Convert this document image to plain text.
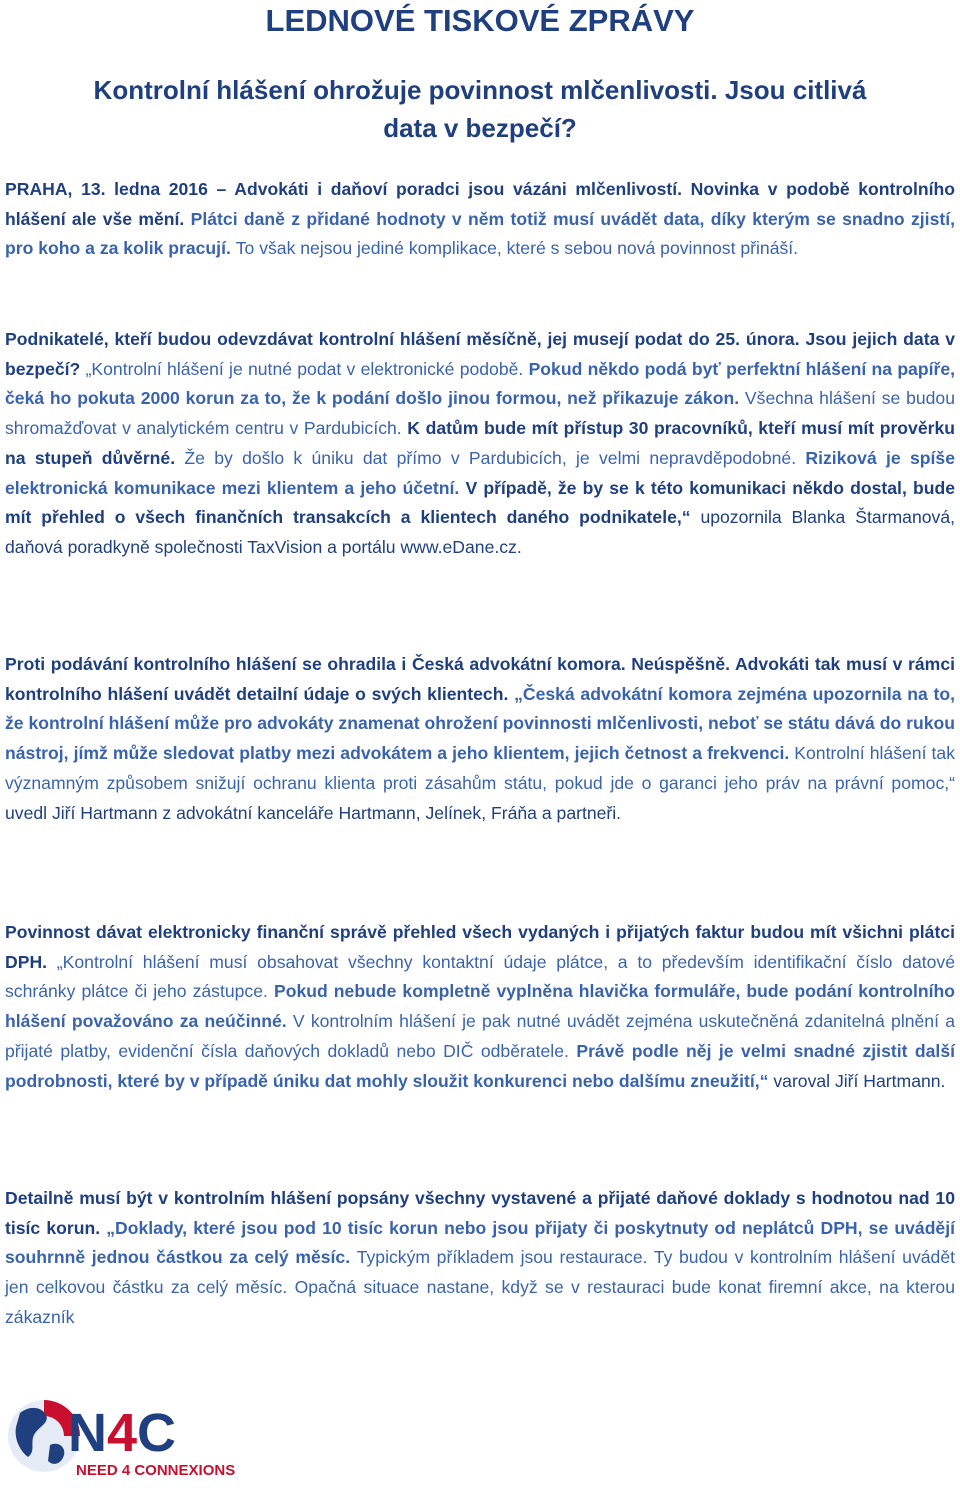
LEDNOVÉ TISKOVÉ ZPRÁVY
Kontrolní hlášení ohrožuje povinnost mlčenlivosti. Jsou citlivá
data v bezpečí?

PRAHA, 13. ledna 2016 – Advokáti i daňoví poradci jsou vázáni mlčenlivostí. Novinka v podobě kontrolního hlášení ale vše mění. Plátci daně z přidané hodnoty v něm totiž musí uvádět data, díky kterým se snadno zjistí, pro koho a za kolik pracují. To však nejsou jediné komplikace, které s sebou nová povinnost přináší.

Podnikatelé, kteří budou odevzdávat kontrolní hlášení měsíčně, jej musejí podat do 25. února. Jsou jejich data v bezpečí? „Kontrolní hlášení je nutné podat v elektronické podobě. Pokud někdo podá byť perfektní hlášení na papíře, čeká ho pokuta 2000 korun za to, že k podání došlo jinou formou, než přikazuje zákon. Všechna hlášení se budou shromažďovat v analytickém centru v Pardubicích. K datům bude mít přístup 30 pracovníků, kteří musí mít prověrku na stupeň důvěrné. Že by došlo k úniku dat přímo v Pardubicích, je velmi nepravděpodobné. Riziková je spíše elektronická komunikace mezi klientem a jeho účetní. V případě, že by se k této komunikaci někdo dostal, bude mít přehled o všech finančních transakcích a klientech daného podnikatele,“ upozornila Blanka Štarmanová, daňová poradkyně společnosti TaxVision a portálu www.eDane.cz.

Proti podávání kontrolního hlášení se ohradila i Česká advokátní komora. Neúspěšně. Advokáti tak musí v rámci kontrolního hlášení uvádět detailní údaje o svých klientech. „Česká advokátní komora zejména upozornila na to, že kontrolní hlášení může pro advokáty znamenat ohrožení povinnosti mlčenlivosti, neboť se státu dává do rukou nástroj, jímž může sledovat platby mezi advokátem a jeho klientem, jejich četnost a frekvenci. Kontrolní hlášení tak významným způsobem snižují ochranu klienta proti zásahům státu, pokud jde o garanci jeho práv na právní pomoc,“ uvedl Jiří Hartmann z advokátní kanceláře Hartmann, Jelínek, Fráňa a partneři.

Povinnost dávat elektronicky finanční správě přehled všech vydaných i přijatých faktur budou mít všichni plátci DPH. „Kontrolní hlášení musí obsahovat všechny kontaktní údaje plátce, a to především identifikační číslo datové schránky plátce či jeho zástupce. Pokud nebude kompletně vyplněna hlavička formuláře, bude podání kontrolního hlášení považováno za neúčinné. V kontrolním hlášení je pak nutné uvádět zejména uskutečněná zdanitelná plnění a přijaté platby, evidenční čísla daňových dokladů nebo DIČ odběratele. Právě podle něj je velmi snadné zjistit další podrobnosti, které by v případě úniku dat mohly sloužit konkurenci nebo dalšímu zneužití,“ varoval Jiří Hartmann.

Detailně musí být v kontrolním hlášení popsány všechny vystavené a přijaté daňové doklady s hodnotou nad 10 tisíc korun. „Doklady, které jsou pod 10 tisíc korun nebo jsou přijaty či poskytnuty od neplátců DPH, se uvádějí souhrnně jednou částkou za celý měsíc. Typickým příkladem jsou restaurace. Ty budou v kontrolním hlášení uvádět jen celkovou částku za celý měsíc. Opačná situace nastane, když se v restauraci bude konat firemní akce, na kterou zákazník

N4C
NEED 4 CONNEXIONS
